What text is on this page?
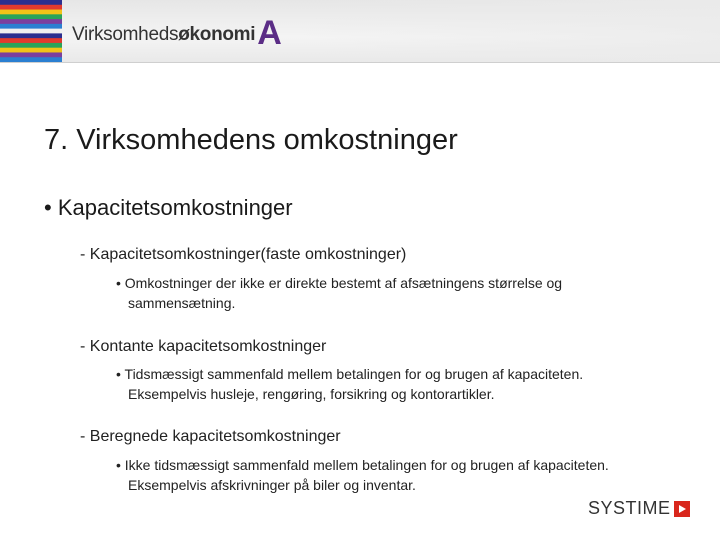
Virksomhedsøkonomi A
7. Virksomhedens omkostninger
• Kapacitetsomkostninger
- Kapacitetsomkostninger(faste omkostninger)
• Omkostninger der ikke er direkte bestemt af afsætningens størrelse og
sammensætning.
- Kontante kapacitetsomkostninger
• Tidsmæssigt sammenfald mellem betalingen for og brugen af kapaciteten.
Eksempelvis husleje, rengøring, forsikring og kontorartikler.
- Beregnede kapacitetsomkostninger
• Ikke tidsmæssigt sammenfald mellem betalingen for og brugen af kapaciteten.
Eksempelvis afskrivninger på biler og inventar.
SYSTIME
